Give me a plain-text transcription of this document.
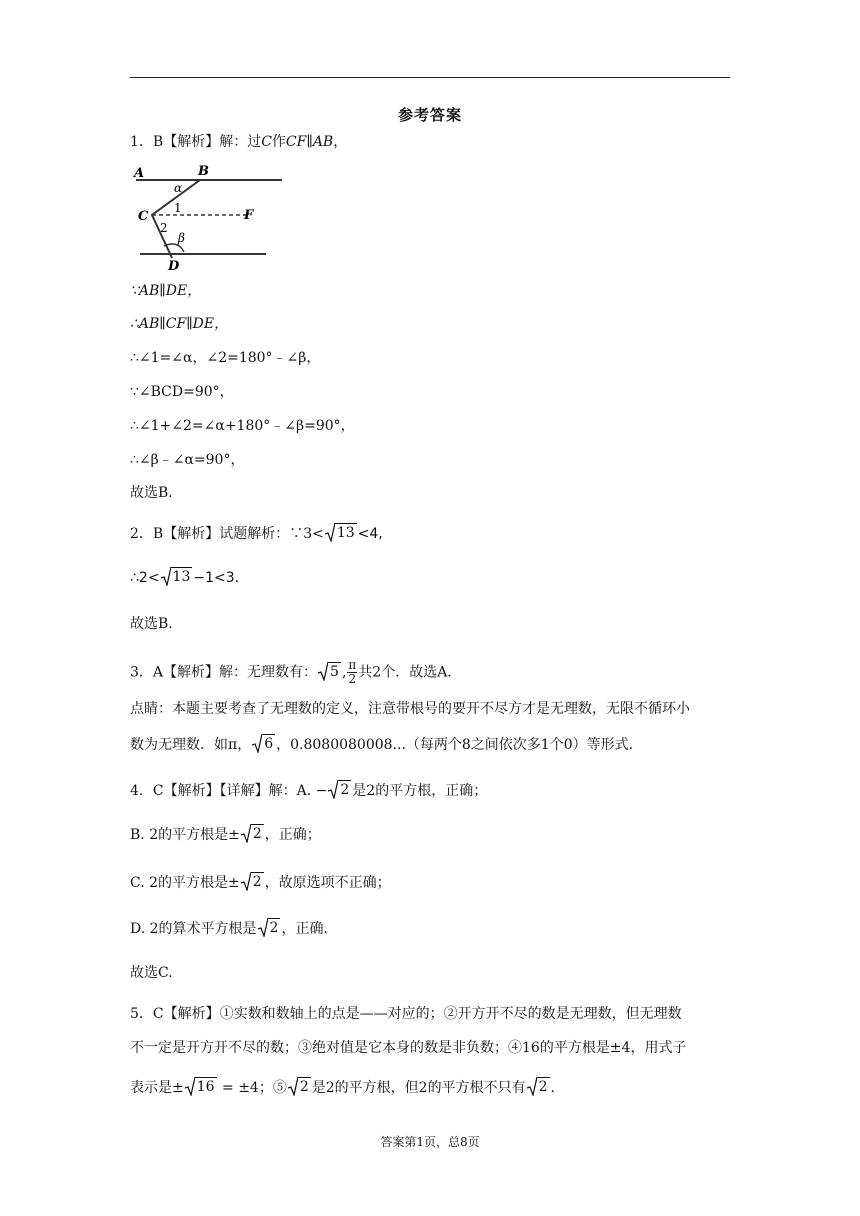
参考答案
1．B【解析】解：过C作CF∥AB，
A	B
C
D
F
α
1
2
β
∵AB∥DE，
∴AB∥CF∥DE，
∴∠1=∠α，∠2=180°﹣∠β，
∵∠BCD=90°，
∴∠1+∠2=∠α+180°﹣∠β=90°，
∴∠β﹣∠α=90°，
故选B．
2．B【解析】试题解析：∵3< 13 <4,
∴2< 13 −1<3.
故选B.
3．A【解析】解：无理数有： 5 , $\frac{\pi}{2}$ 共2个．故选A．
点睛：本题主要考查了无理数的定义，注意带根号的要开不尽方才是无理数，无限不循环小
数为无理数．如π， 6 ，0.8080080008...（每两个8之间依次多1个0）等形式．
4．C【解析】【详解】解：A. − 2 是2的平方根，正确；
B. 2的平方根是± 2 ，正确；
C. 2的平方根是± 2 ，故原选项不正确；
D. 2的算术平方根是 2 ，正确．
故选C.
5．C【解析】①实数和数轴上的点是——对应的；②开方开不尽的数是无理数，但无理数
不一定是开方开不尽的数；③绝对值是它本身的数是非负数；④16的平方根是±4，用式子
表示是± 16 = ±4；⑤ 2 是2的平方根，但2的平方根不只有 2 .
答案第1页，总8页
